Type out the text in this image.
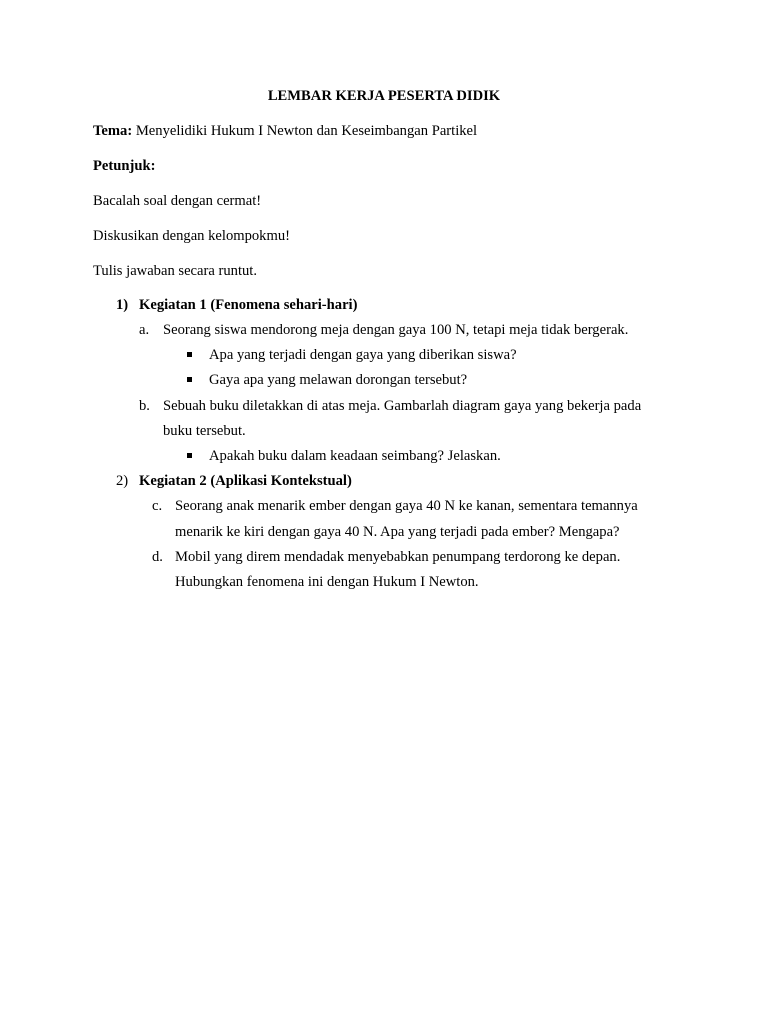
LEMBAR KERJA PESERTA DIDIK
Tema: Menyelidiki Hukum I Newton dan Keseimbangan Partikel
Petunjuk:
Bacalah soal dengan cermat!
Diskusikan dengan kelompokmu!
Tulis jawaban secara runtut.
1) Kegiatan 1 (Fenomena sehari-hari)
a. Seorang siswa mendorong meja dengan gaya 100 N, tetapi meja tidak bergerak.
Apa yang terjadi dengan gaya yang diberikan siswa?
Gaya apa yang melawan dorongan tersebut?
b. Sebuah buku diletakkan di atas meja. Gambarlah diagram gaya yang bekerja pada
buku tersebut.
Apakah buku dalam keadaan seimbang? Jelaskan.
2) Kegiatan 2 (Aplikasi Kontekstual)
c. Seorang anak menarik ember dengan gaya 40 N ke kanan, sementara temannya
menarik ke kiri dengan gaya 40 N. Apa yang terjadi pada ember? Mengapa?
d. Mobil yang direm mendadak menyebabkan penumpang terdorong ke depan.
Hubungkan fenomena ini dengan Hukum I Newton.
